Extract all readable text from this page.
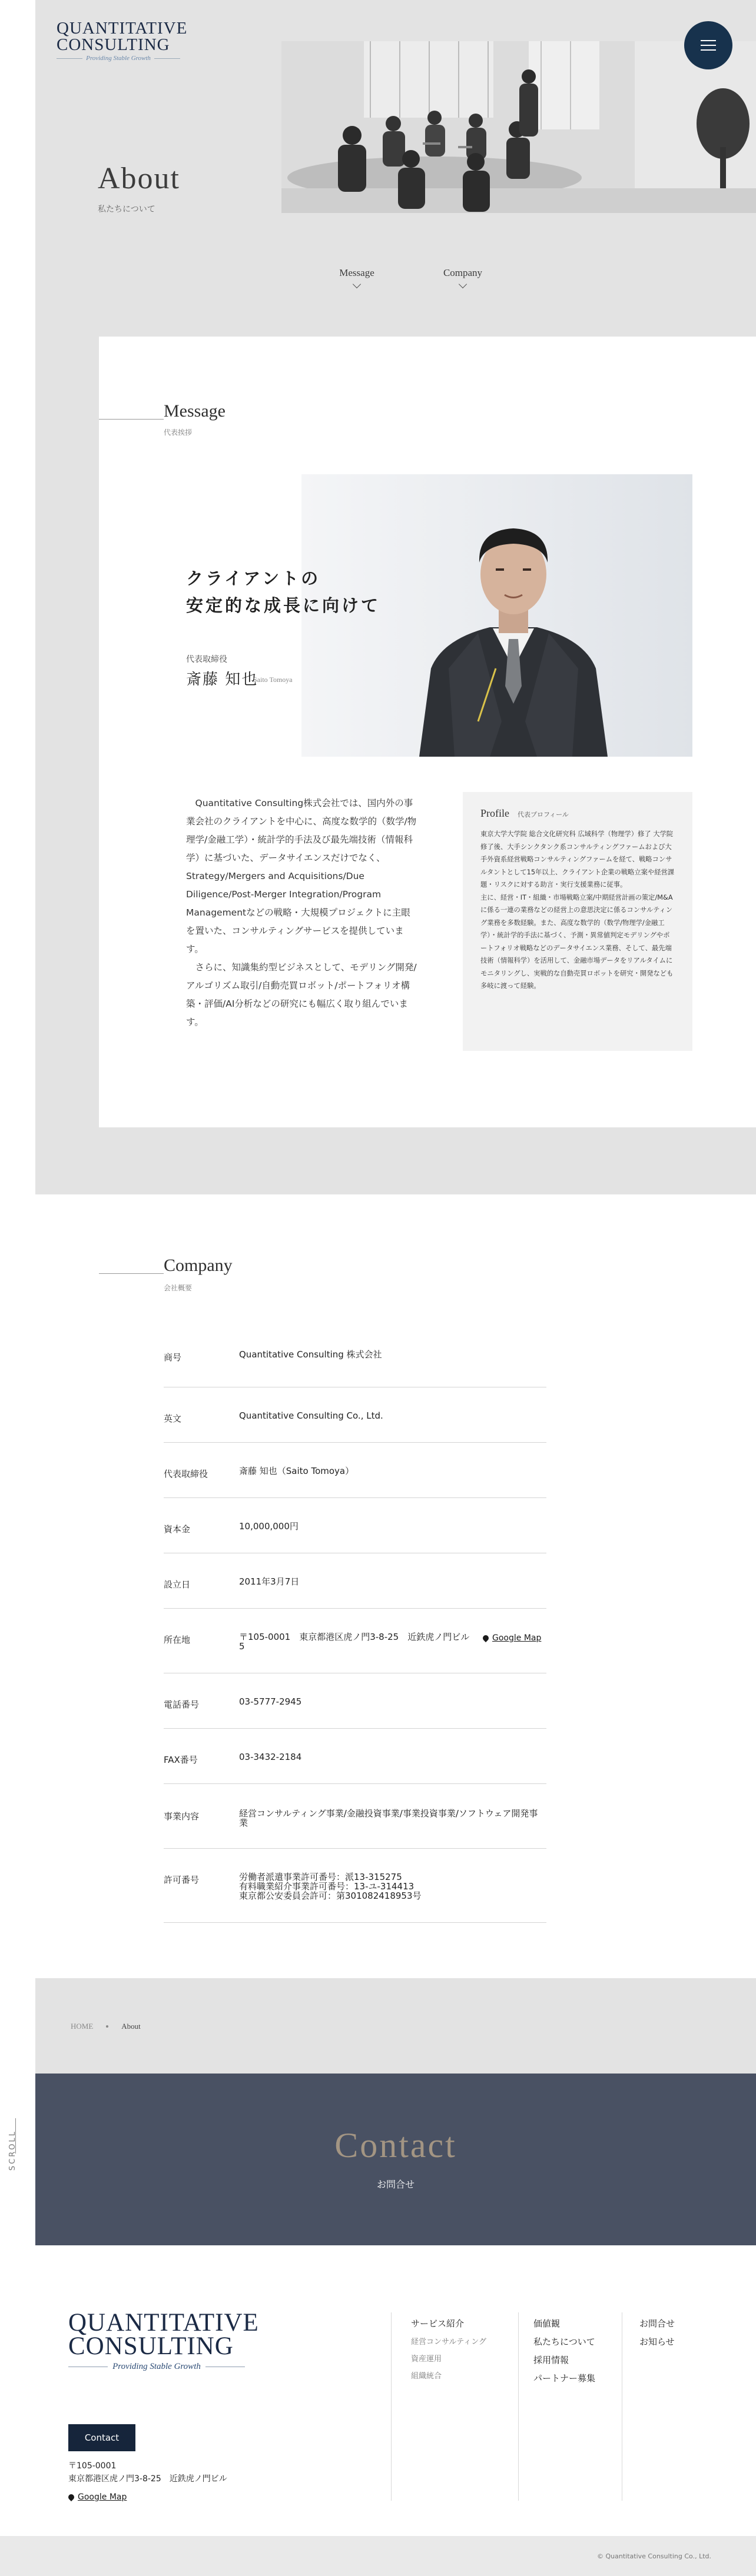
SCROLL
QUANTITATIVE
CONSULTING
Providing Stable Growth
About
私たちについて
Message	Company
Message
代表挨拶
クライアントの
安定的な成長に向けて
代表取締役
斎藤 知也
Saito Tomoya

Quantitative Consulting株式会社では、国内外の事業会社のクライアントを中心に、高度な数学的（数学/物理学/金融工学）・統計学的手法及び最先端技術（情報科学）に基づいた、データサイエンスだけでなく、Strategy/Mergers and Acquisitions/Due Diligence/Post-Merger Integration/Program Managementなどの戦略・大規模プロジェクトに主眼を置いた、コンサルティングサービスを提供しています。

さらに、知識集約型ビジネスとして、モデリング開発/アルゴリズム取引/自動売買ロボット/ポートフォリオ構築・評価/AI分析などの研究にも幅広く取り組んでいます。

Profile 代表プロフィール

東京大学大学院 総合文化研究科 広域科学（物理学）修了 大学院修了後、大手シンクタンク系コンサルティングファームおよび大手外資系経営戦略コンサルティングファームを経て、戦略コンサルタントとして15年以上、クライアント企業の戦略立案や経営課題・リスクに対する助言・実行支援業務に従事。

主に、経営・IT・組織・市場戦略立案/中期経営計画の策定/M&Aに係る一連の業務などの経営上の意思決定に係るコンサルティング業務を多数経験。また、高度な数学的（数学/物理学/金融工学）・統計学的手法に基づく、予測・異常値判定モデリングやポートフォリオ戦略などのデータサイエンス業務、そして、最先端技術（情報科学）を活用して、金融市場データをリアルタイムにモニタリングし、実戦的な自動売買ロボットを研究・開発なども多岐に渡って経験。

Company
会社概要
商号	Quantitative Consulting 株式会社
英文	Quantitative Consulting Co., Ltd.
代表取締役	斎藤 知也（Saito Tomoya）
資本金	10,000,000円
設立日	2011年3月7日
所在地	〒105-0001　東京都港区虎ノ門3-8-25　近鉄虎ノ門ビル5
Google Map
電話番号	03-5777-2945
FAX番号	03-3432-2184
事業内容	経営コンサルティング事業/金融投資事業/事業投資事業/ソフトウェア開発事業
許可番号	労働者派遣事業許可番号：派13-315275
有料職業紹介事業許可番号：13-ユ-314413
東京都公安委員会許可：第301082418953号
HOME	About
Contact
お問合せ
QUANTITATIVE
CONSULTING
Providing Stable Growth
Contact
〒105-0001
東京都港区虎ノ門3-8-25　近鉄虎ノ門ビル
Google Map
サービス紹介
経営コンサルティング
資産運用
組織統合
価値観
私たちについて
採用情報
パートナー募集
お問合せ
お知らせ
© Quantitative Consulting Co., Ltd.
